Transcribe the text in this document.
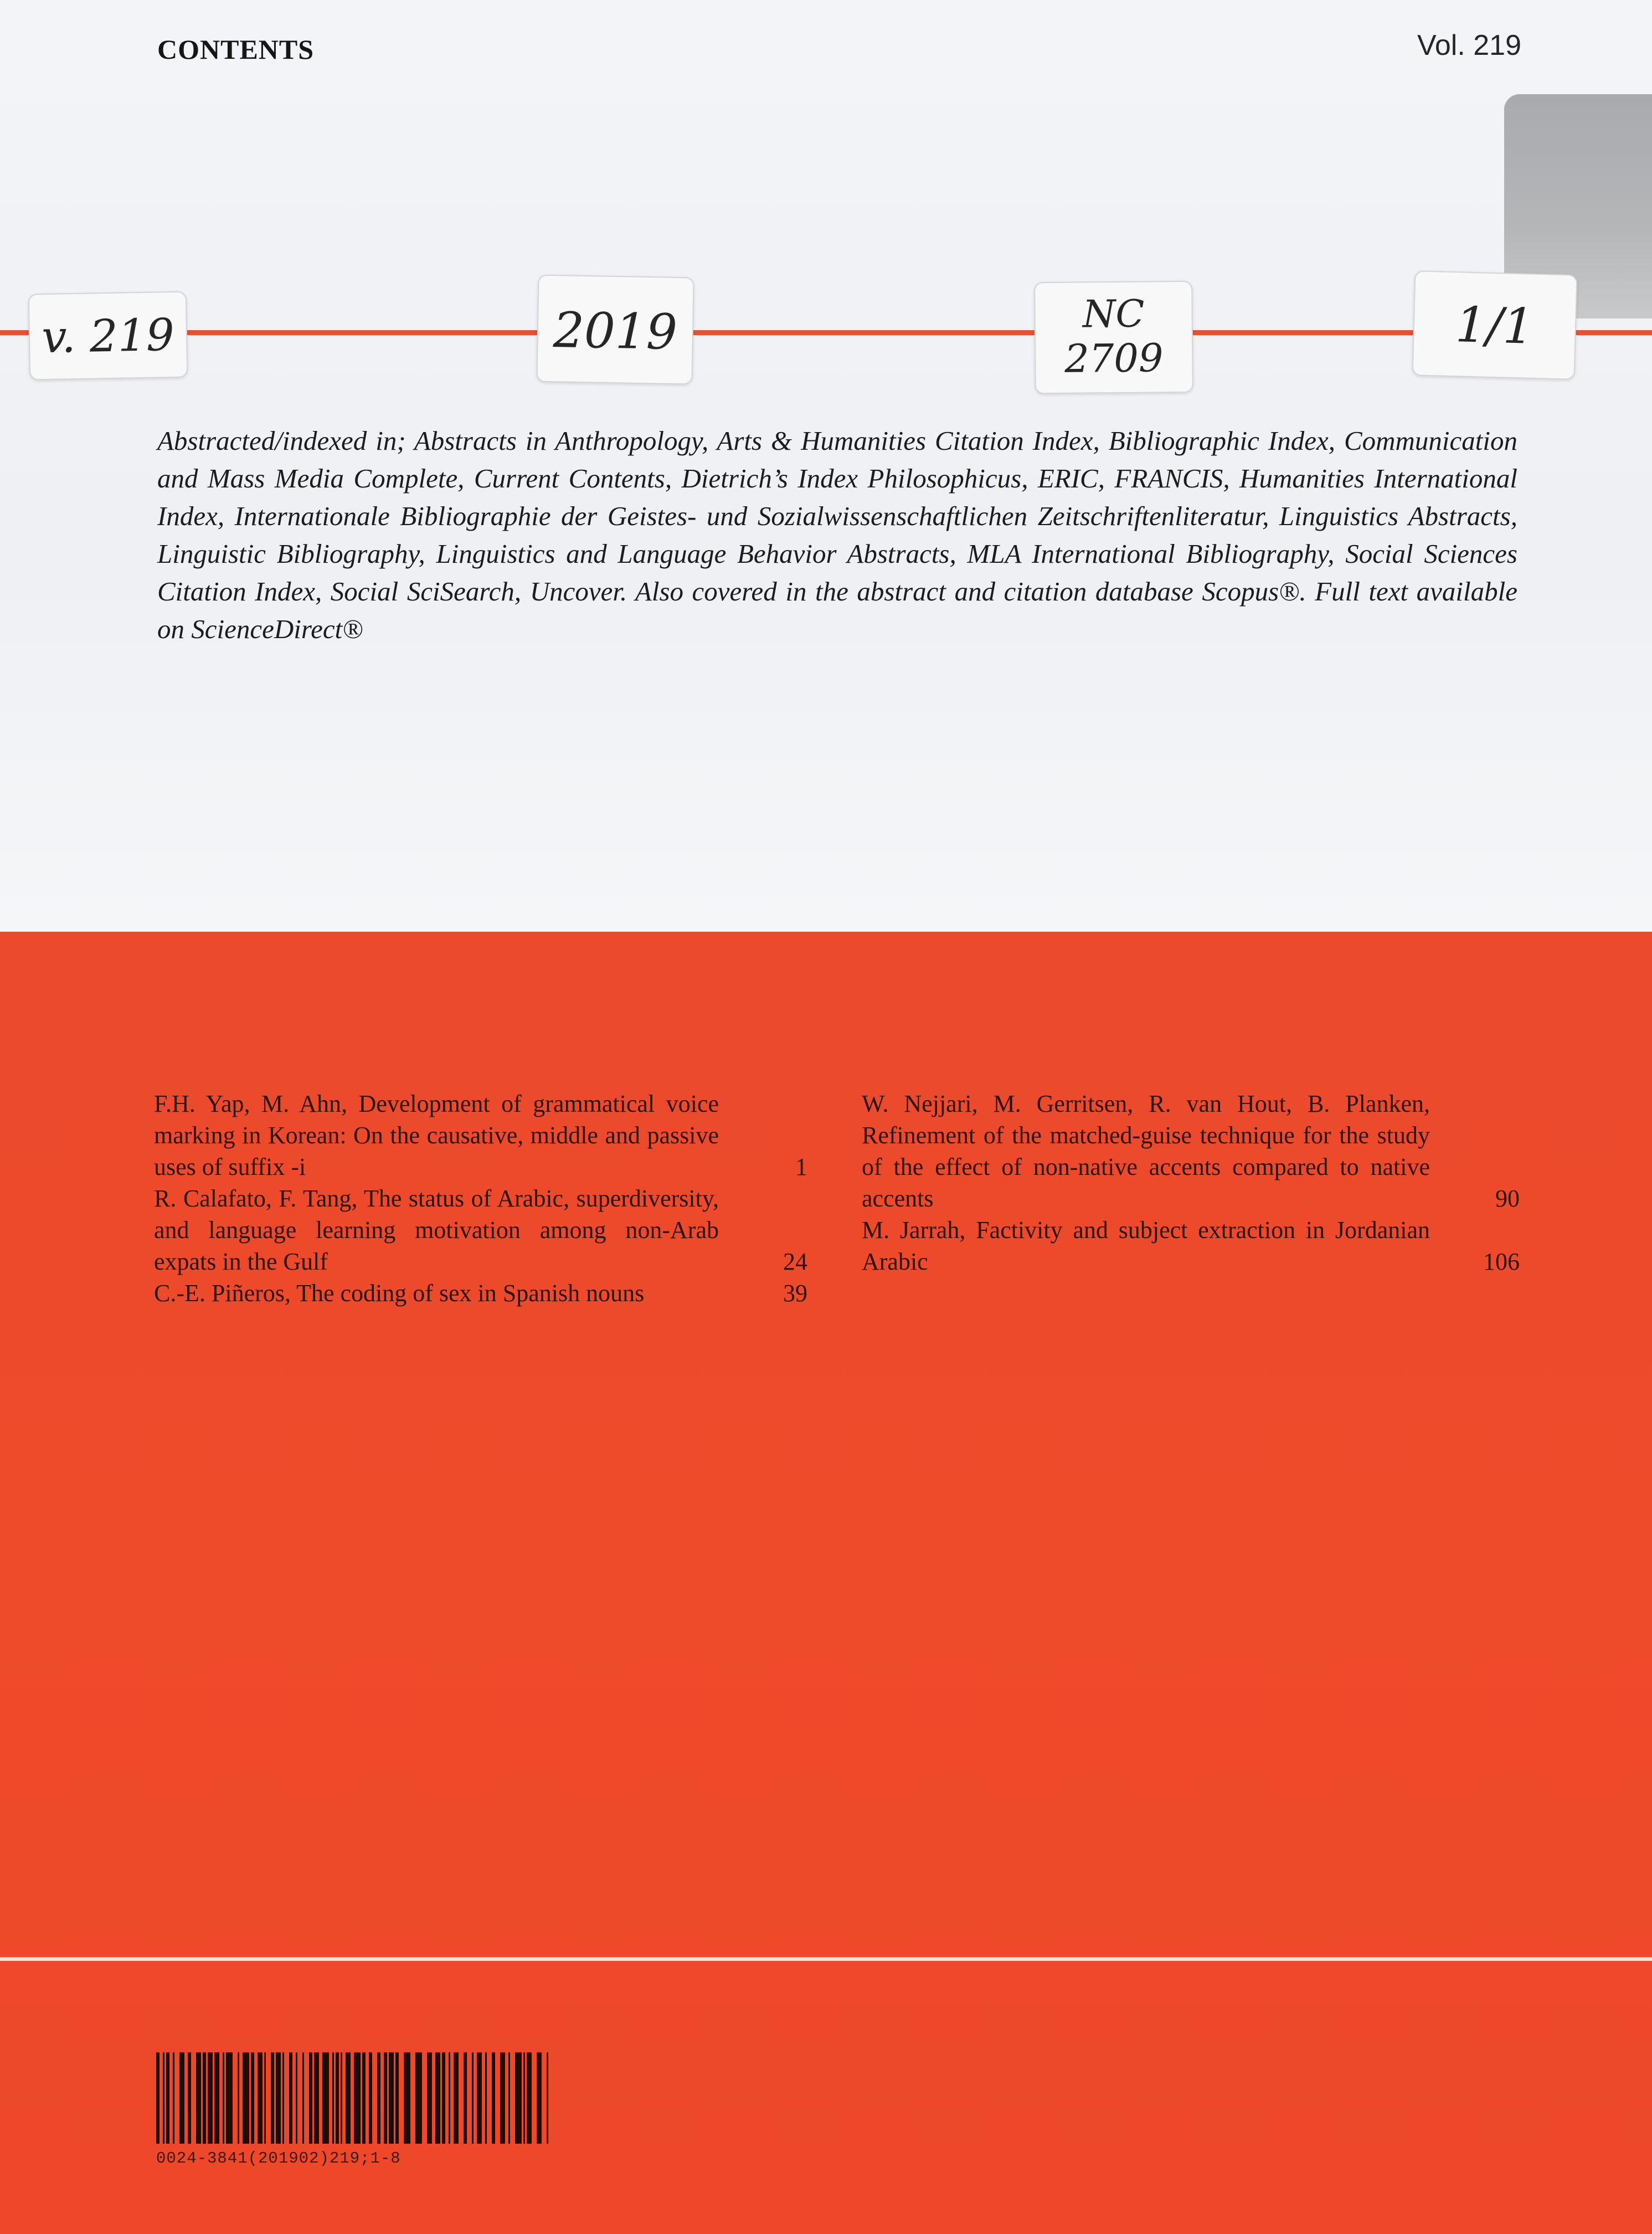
CONTENTS	Vol. 219
v. 219	2019	NC
2709
1/1
Abstracted/indexed in; Abstracts in Anthropology, Arts & Humanities Citation Index, Bibliographic Index, Communication and Mass Media Complete, Current Contents, Dietrich’s Index Philosophicus, ERIC, FRANCIS, Humanities International Index, Internationale Bibliographie der Geistes- und Sozialwissenschaftlichen Zeitschriftenliteratur, Linguistics Abstracts, Linguistic Bibliography, Linguistics and Language Behavior Abstracts, MLA International Bibliography, Social Sciences Citation Index, Social SciSearch, Uncover. Also covered in the abstract and citation database Scopus®. Full text available on ScienceDirect®
F.H. Yap, M. Ahn, Development of grammatical voice marking in Korean: On the causative, middle and passive uses of suffix -i	1
R. Calafato, F. Tang, The status of Arabic, superdiversity, and language learning motivation among non-Arab expats in the Gulf	24
C.-E. Piñeros, The coding of sex in Spanish nouns	39
W. Nejjari, M. Gerritsen, R. van Hout, B. Planken, Refinement of the matched-guise technique for the study of the effect of non-native accents compared to native accents	90
M. Jarrah, Factivity and subject extraction in Jordanian Arabic	106
0024-3841(201902)219;1-8
